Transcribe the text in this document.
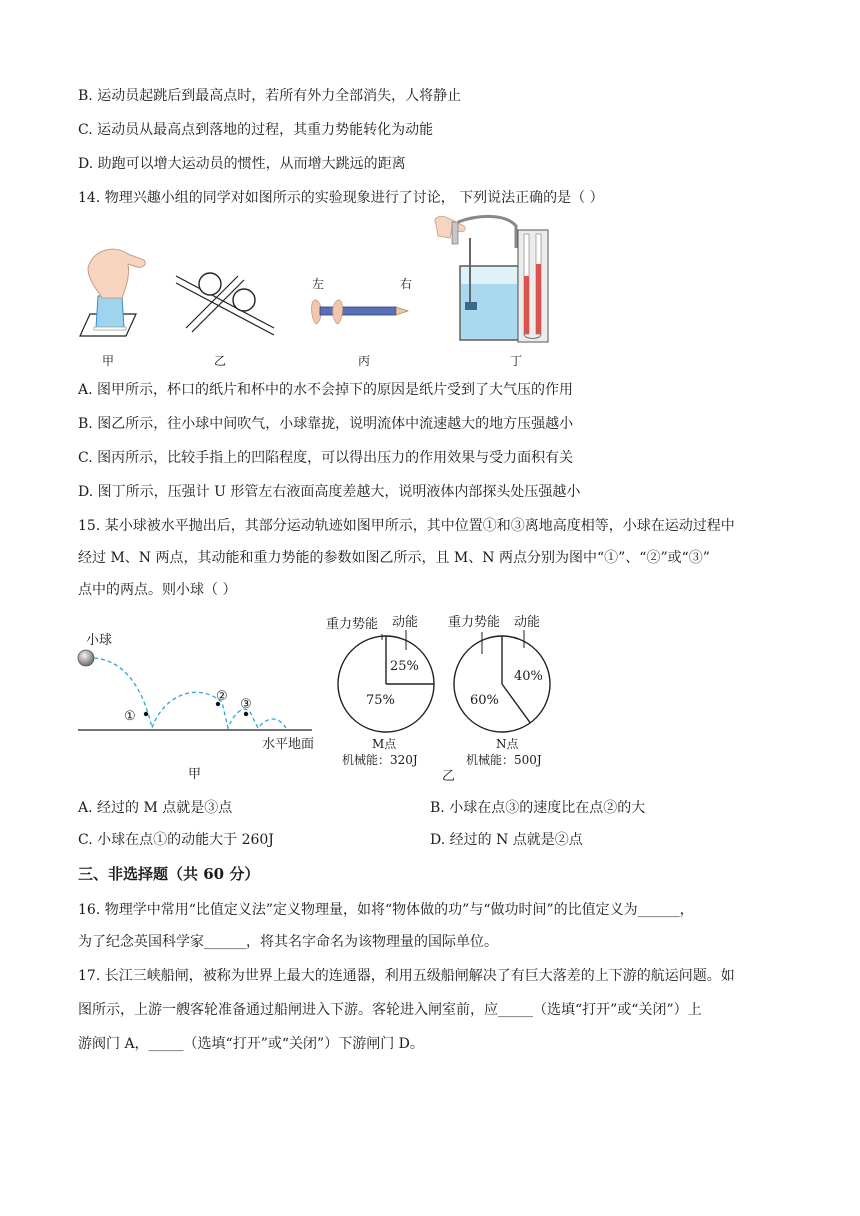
B. 运动员起跳后到最高点时，若所有外力全部消失，人将静止
C. 运动员从最高点到落地的过程，其重力势能转化为动能
D. 助跑可以增大运动员的惯性，从而增大跳远的距离
14. 物理兴趣小组的同学对如图所示的实验现象进行了讨论， 下列说法正确的是（ ）
左	右
甲	乙	丙	丁
A. 图甲所示，杯口的纸片和杯中的水不会掉下的原因是纸片受到了大气压的作用
B. 图乙所示，往小球中间吹气，小球靠拢，说明流体中流速越大的地方压强越小
C. 图丙所示，比较手指上的凹陷程度，可以得出压力的作用效果与受力面积有关
D. 图丁所示，压强计 U 形管左右液面高度差越大，说明液体内部探头处压强越小
15. 某小球被水平抛出后，其部分运动轨迹如图甲所示，其中位置①和③离地高度相等，小球在运动过程中
经过 M、N 两点，其动能和重力势能的参数如图乙所示，且 M、N 两点分别为图中“①”、“②”或“③”
点中的两点。则小球（ ）
小球
①
②
③
水平地面
甲
重力势能 动能
25%
75%
M点
机械能：320J
重力势能 动能
40%
60%
N点
机械能：500J
乙
A. 经过的 M 点就是③点	B. 小球在点③的速度比在点②的大
C. 小球在点①的动能大于 260J	D. 经过的 N 点就是②点
三、非选择题（共 60 分）
16. 物理学中常用“比值定义法”定义物理量，如将“物体做的功”与“做功时间”的比值定义为______，
为了纪念英国科学家______，将其名字命名为该物理量的国际单位。
17. 长江三峡船闸，被称为世界上最大的连通器，利用五级船闸解决了有巨大落差的上下游的航运问题。如
图所示，上游一艘客轮准备通过船闸进入下游。客轮进入闸室前，应_____（选填“打开”或“关闭”）上
游阀门 A，_____（选填“打开”或“关闭”）下游闸门 D。
